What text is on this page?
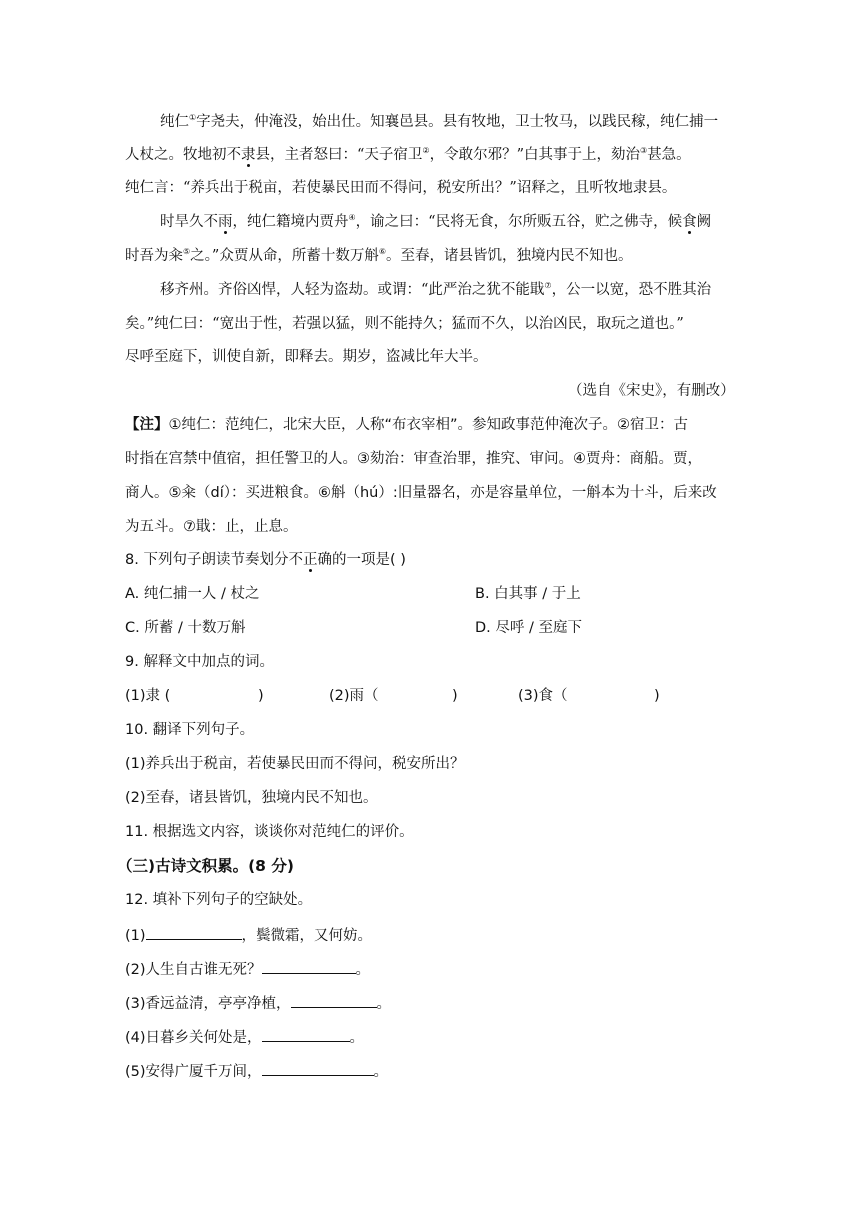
纯仁①字尧夫，仲淹没，始出仕。知襄邑县。县有牧地，卫士牧马，以践民稼，纯仁捕一
人杖之。牧地初不隶县，主者怒曰：“天子宿卫②，令敢尔邪？”白其事于上，劾治③甚急。
纯仁言：“养兵出于税亩，若使暴民田而不得问，税安所出？”诏释之，且听牧地隶县。
时旱久不雨，纯仁籍境内贾舟④，谕之曰：“民将无食，尔所贩五谷，贮之佛寺，候食阙
时吾为籴⑤之。”众贾从命，所蓄十数万斛⑥。至春，诸县皆饥，独境内民不知也。
移齐州。齐俗凶悍，人轻为盗劫。或谓：“此严治之犹不能戢⑦，公一以宽，恐不胜其治
矣。”纯仁曰：“宽出于性，若强以猛，则不能持久；猛而不久，以治凶民，取玩之道也。”
尽呼至庭下，训使自新，即释去。期岁，盗减比年大半。
（选自《宋史》，有删改）
【注】①纯仁：范纯仁，北宋大臣，人称“布衣宰相”。参知政事范仲淹次子。②宿卫：古
时指在宫禁中值宿，担任警卫的人。③劾治：审查治罪，推究、审问。④贾舟：商船。贾，
商人。⑤籴（dí）：买进粮食。⑥斛（hú）:旧量器名，亦是容量单位，一斛本为十斗，后来改
为五斗。⑦戢：止，止息。
8. 下列句子朗读节奏划分不正确的一项是( )
A. 纯仁捕一人 / 杖之	B. 白其事 / 于上
C. 所蓄 / 十数万斛	D. 尽呼 / 至庭下
9. 解释文中加点的词。
(1)隶 (	)	(2)雨（	)	(3)食（	)
10. 翻译下列句子。
(1)养兵出于税亩，若使暴民田而不得问，税安所出？
(2)至春，诸县皆饥，独境内民不知也。
11. 根据选文内容，谈谈你对范纯仁的评价。
（三)古诗文积累。(8 分)
12. 填补下列句子的空缺处。
(1)	，鬓微霜，又何妨。
(2)人生自古谁无死？	。
(3)香远益清，亭亭净植，	。
(4)日暮乡关何处是，	。
(5)安得广厦千万间，	。
